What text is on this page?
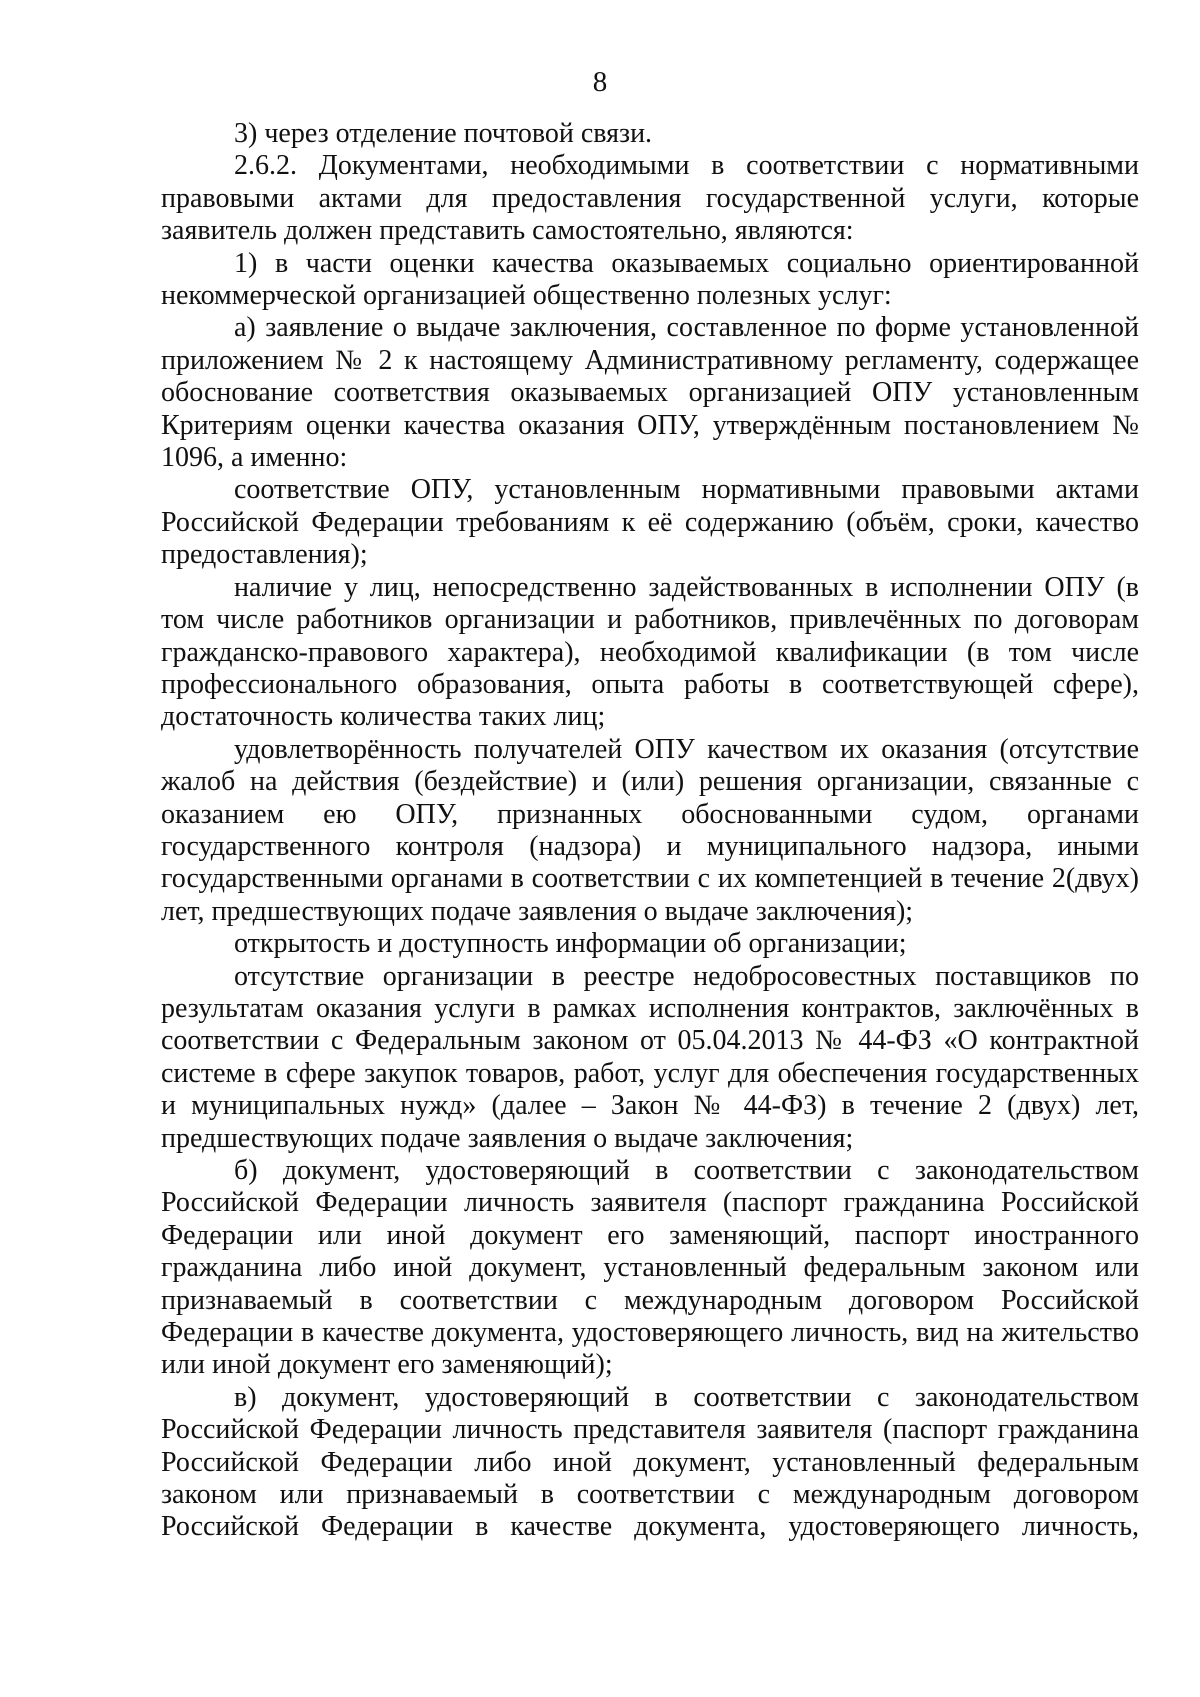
8

3) через отделение почтовой связи.

2.6.2. Документами, необходимыми в соответствии с нормативными правовыми актами для предоставления государственной услуги, которые заявитель должен представить самостоятельно, являются:

1) в части оценки качества оказываемых социально ориентированной некоммерческой организацией общественно полезных услуг:

а) заявление о выдаче заключения, составленное по форме установленной приложением № 2 к настоящему Административному регламенту, содержащее обоснование соответствия оказываемых организацией ОПУ установленным Критериям оценки качества оказания ОПУ, утверждённым постановлением № 1096, а именно:

соответствие ОПУ, установленным нормативными правовыми актами Российской Федерации требованиям к её содержанию (объём, сроки, качество предоставления);

наличие у лиц, непосредственно задействованных в исполнении ОПУ (в том числе работников организации и работников, привлечённых по договорам гражданско-правового характера), необходимой квалификации (в том числе профессионального образования, опыта работы в соответствующей сфере), достаточность количества таких лиц;

удовлетворённость получателей ОПУ качеством их оказания (отсутствие жалоб на действия (бездействие) и (или) решения организации, связанные с оказанием ею ОПУ, признанных обоснованными судом, органами государственного контроля (надзора) и муниципального надзора, иными государственными органами в соответствии с их компетенцией в течение 2(двух) лет, предшествующих подаче заявления о выдаче заключения);

открытость и доступность информации об организации;

отсутствие организации в реестре недобросовестных поставщиков по результатам оказания услуги в рамках исполнения контрактов, заключённых в соответствии с Федеральным законом от 05.04.2013 № 44-ФЗ «О контрактной системе в сфере закупок товаров, работ, услуг для обеспечения государственных и муниципальных нужд» (далее – Закон № 44-ФЗ) в течение 2 (двух) лет, предшествующих подаче заявления о выдаче заключения;

б) документ, удостоверяющий в соответствии с законодательством Российской Федерации личность заявителя (паспорт гражданина Российской Федерации или иной документ его заменяющий, паспорт иностранного гражданина либо иной документ, установленный федеральным законом или признаваемый в соответствии с международным договором Российской Федерации в качестве документа, удостоверяющего личность, вид на жительство или иной документ его заменяющий);

в) документ, удостоверяющий в соответствии с законодательством Российской Федерации личность представителя заявителя (паспорт гражданина Российской Федерации либо иной документ, установленный федеральным законом или признаваемый в соответствии с международным договором Российской Федерации в качестве документа, удостоверяющего личность,
